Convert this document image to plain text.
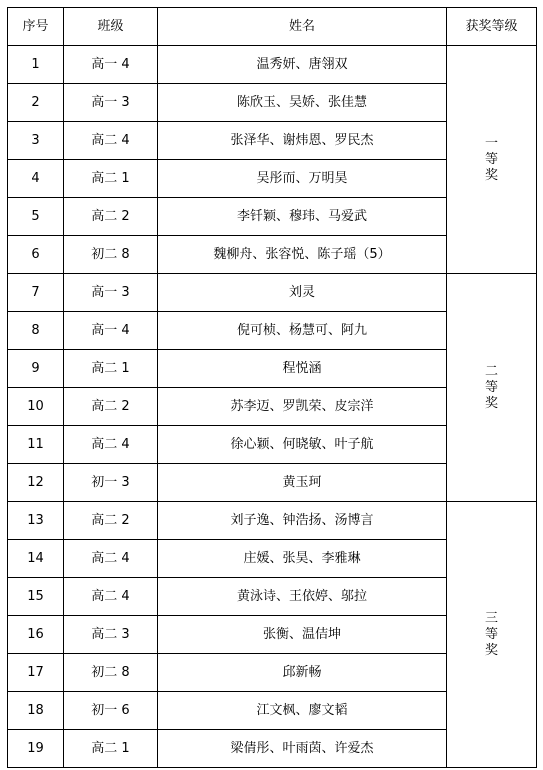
序号	班级	姓名	获奖等级
1	高一 4	温秀妍、唐翎双	一
等
奖

2	高一 3	陈欣玉、吴娇、张佳慧	
3	高二 4	张泽华、谢炜恩、罗民杰	
4	高二 1	吴彤而、万明昊	
5	高二 2	李钎颖、穆玮、马爱武	
6	初二 8	魏柳舟、张容悦、陈子瑶（5）	
7	高一 3	刘灵	二
等
奖

8	高一 4	倪可桢、杨慧可、阿九	
9	高二 1	程悦涵	
10	高二 2	苏李迈、罗凯荣、皮宗洋	
11	高二 4	徐心颖、何晓敏、叶子航	
12	初一 3	黄玉珂	
13	高二 2	刘子逸、钟浩扬、汤博言	三
等
奖

14	高二 4	庄媛、张昊、李雅琳	
15	高二 4	黄泳诗、王依婷、邬拉	
16	高二 3	张衡、温佶坤	
17	初二 8	邱新畅	
18	初一 6	江文枫、廖文韬	
19	高二 1	梁倩彤、叶雨茵、许爱杰	
